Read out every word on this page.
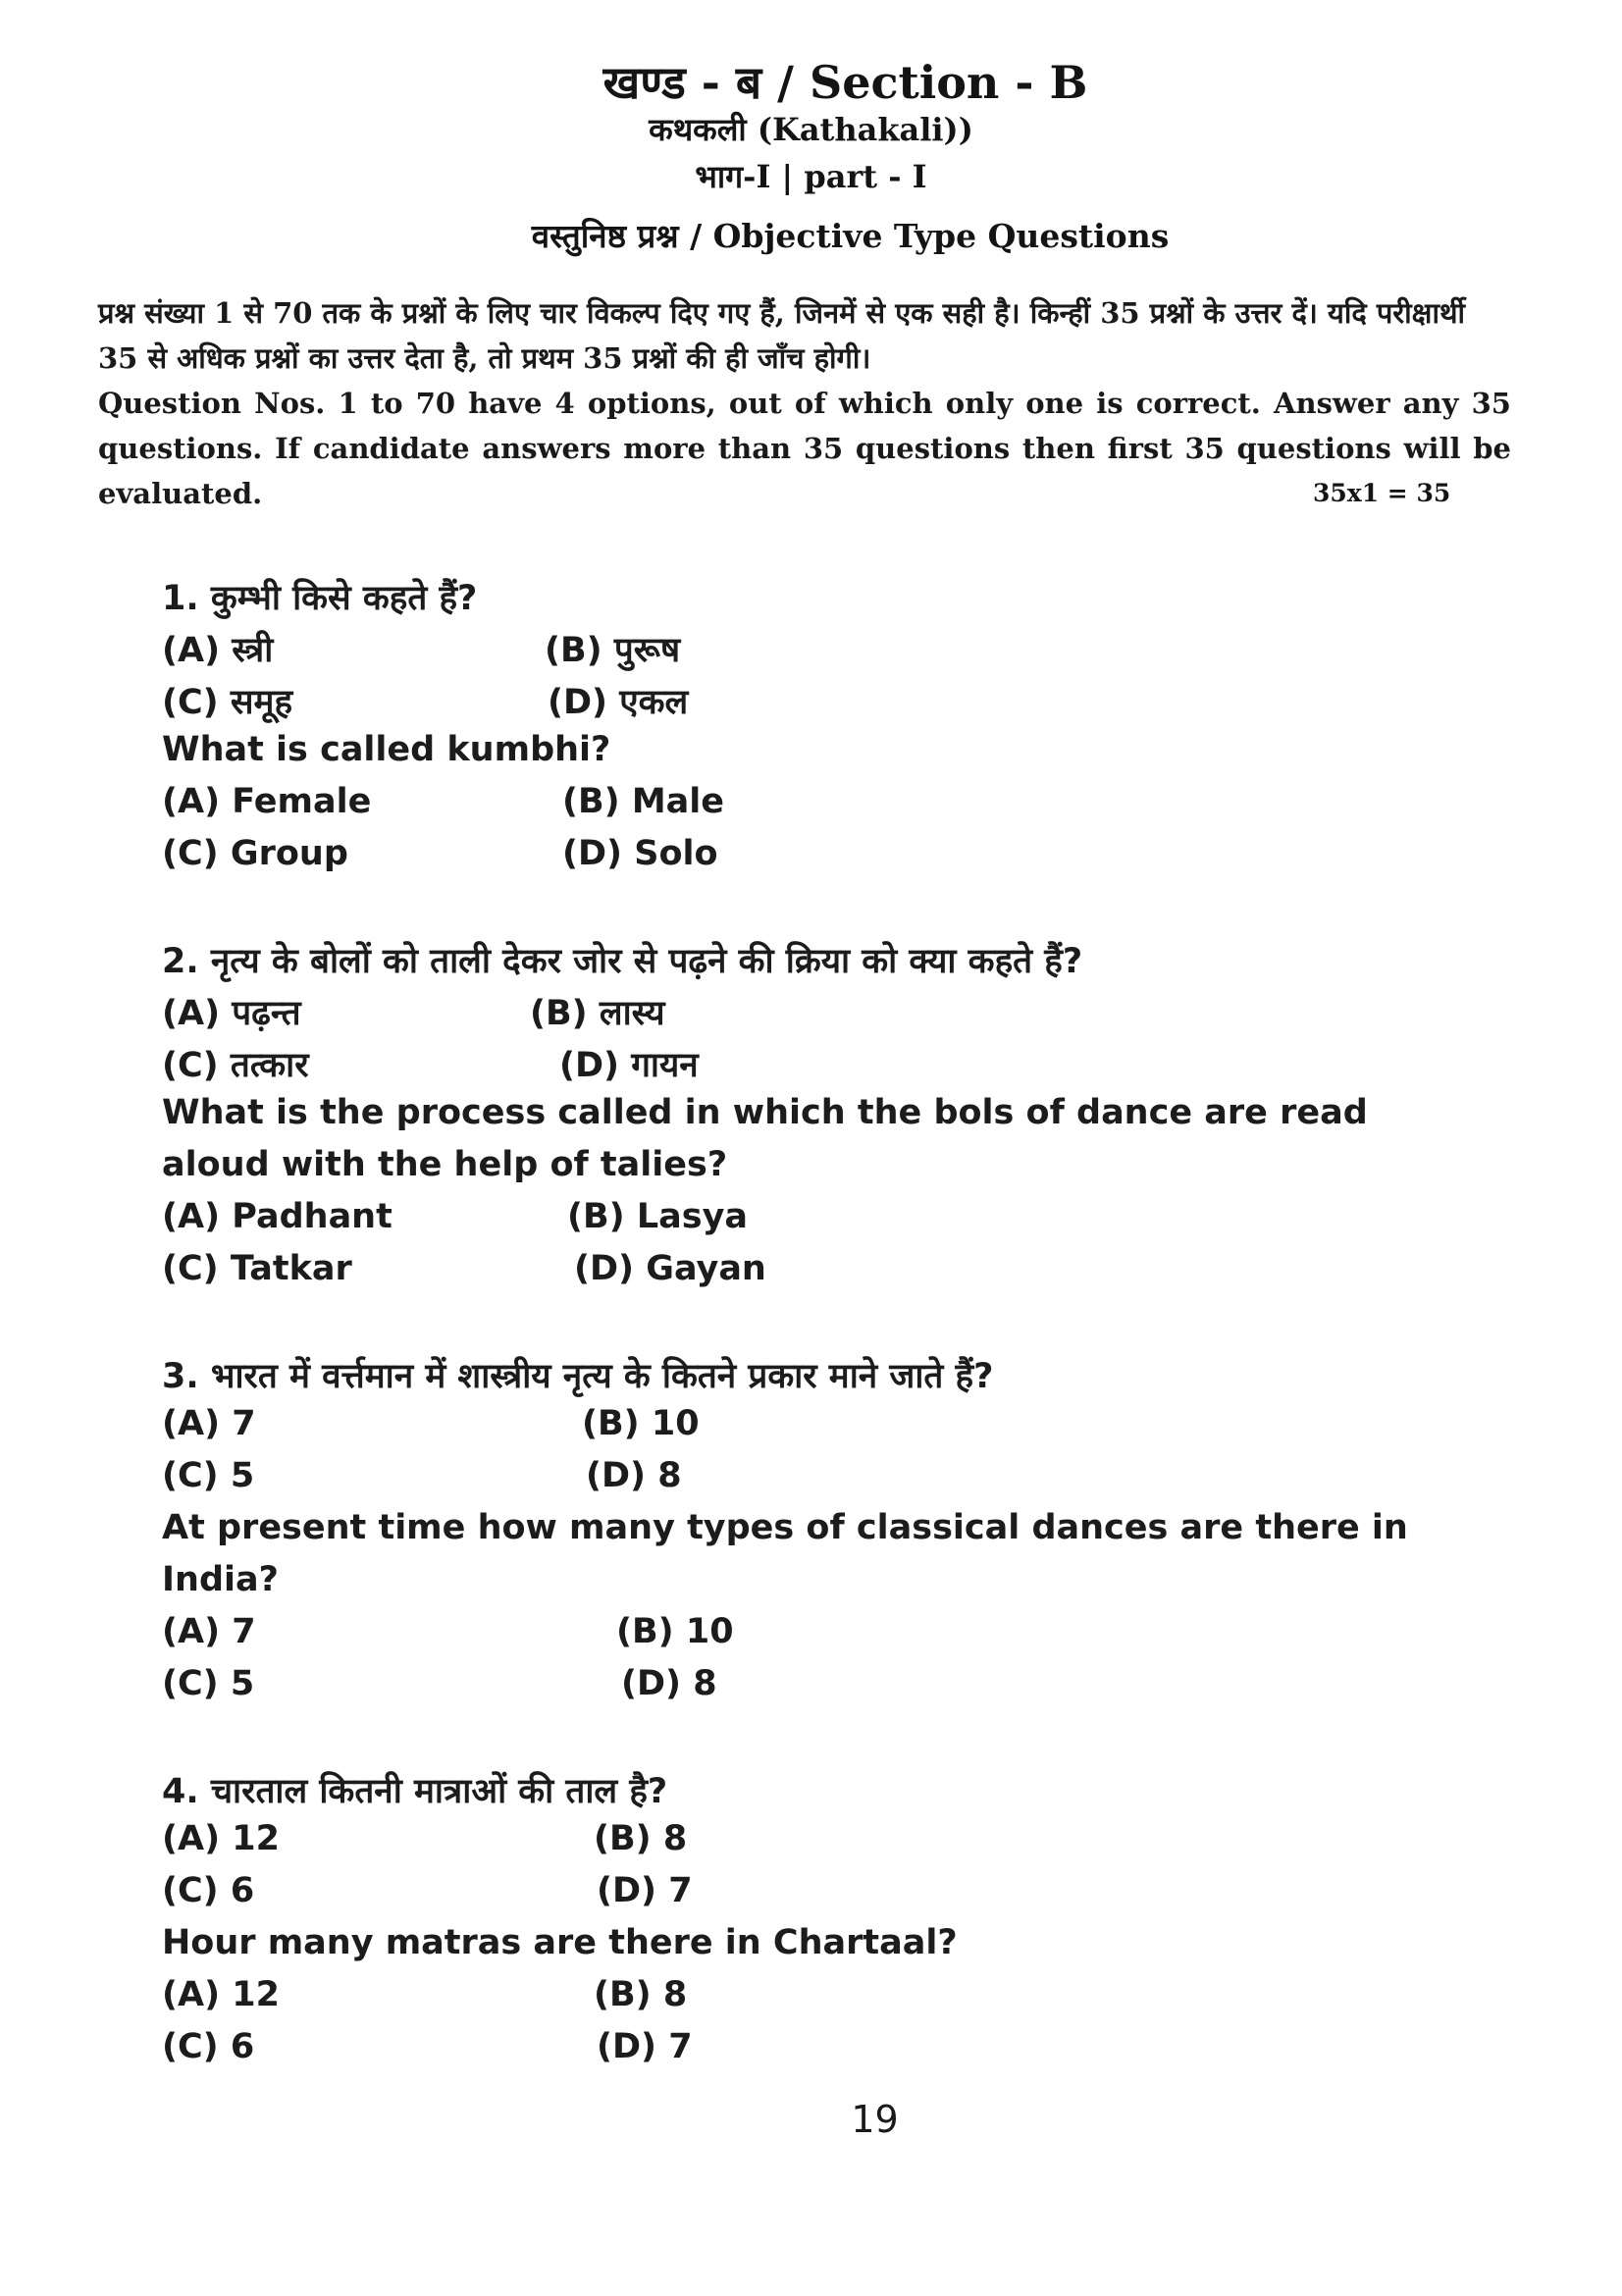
खण्ड - ब / Section - B
कथकली (Kathakali))
भाग-I | part - I
वस्तुनिष्ठ प्रश्न / Objective Type Questions
प्रश्न संख्या 1 से 70 तक के प्रश्नों के लिए चार विकल्प दिए गए हैं, जिनमें से एक सही है। किन्हीं 35 प्रश्नों के उत्तर दें। यदि परीक्षार्थी 35 से अधिक प्रश्नों का उत्तर देता है, तो प्रथम 35 प्रश्नों की ही जाँच होगी।
Question Nos. 1 to 70 have 4 options, out of which only one is correct. Answer any 35 questions. If candidate answers more than 35 questions then first 35 questions will be evaluated.	35x1 = 35
1. कुम्भी किसे कहते हैं?
(A) स्त्री	(B) पुरूष
(C) समूह	(D) एकल
What is called kumbhi?
(A) Female	(B) Male
(C) Group	(D) Solo
2. नृत्य के बोलों को ताली देकर जोर से पढ़ने की क्रिया को क्या कहते हैं?
(A) पढ़न्त	(B) लास्य
(C) तत्कार	(D) गायन
What is the process called in which the bols of dance are read
aloud with the help of talies?
(A) Padhant	(B) Lasya
(C) Tatkar	(D) Gayan
3. भारत में वर्त्तमान में शास्त्रीय नृत्य के कितने प्रकार माने जाते हैं?
(A) 7	(B) 10
(C) 5	(D) 8
At present time how many types of classical dances are there in
India?
(A) 7	(B) 10
(C) 5	(D) 8
4. चारताल कितनी मात्राओं की ताल है?
(A) 12	(B) 8
(C) 6	(D) 7
Hour many matras are there in Chartaal?
(A) 12	(B) 8
(C) 6	(D) 7
19
